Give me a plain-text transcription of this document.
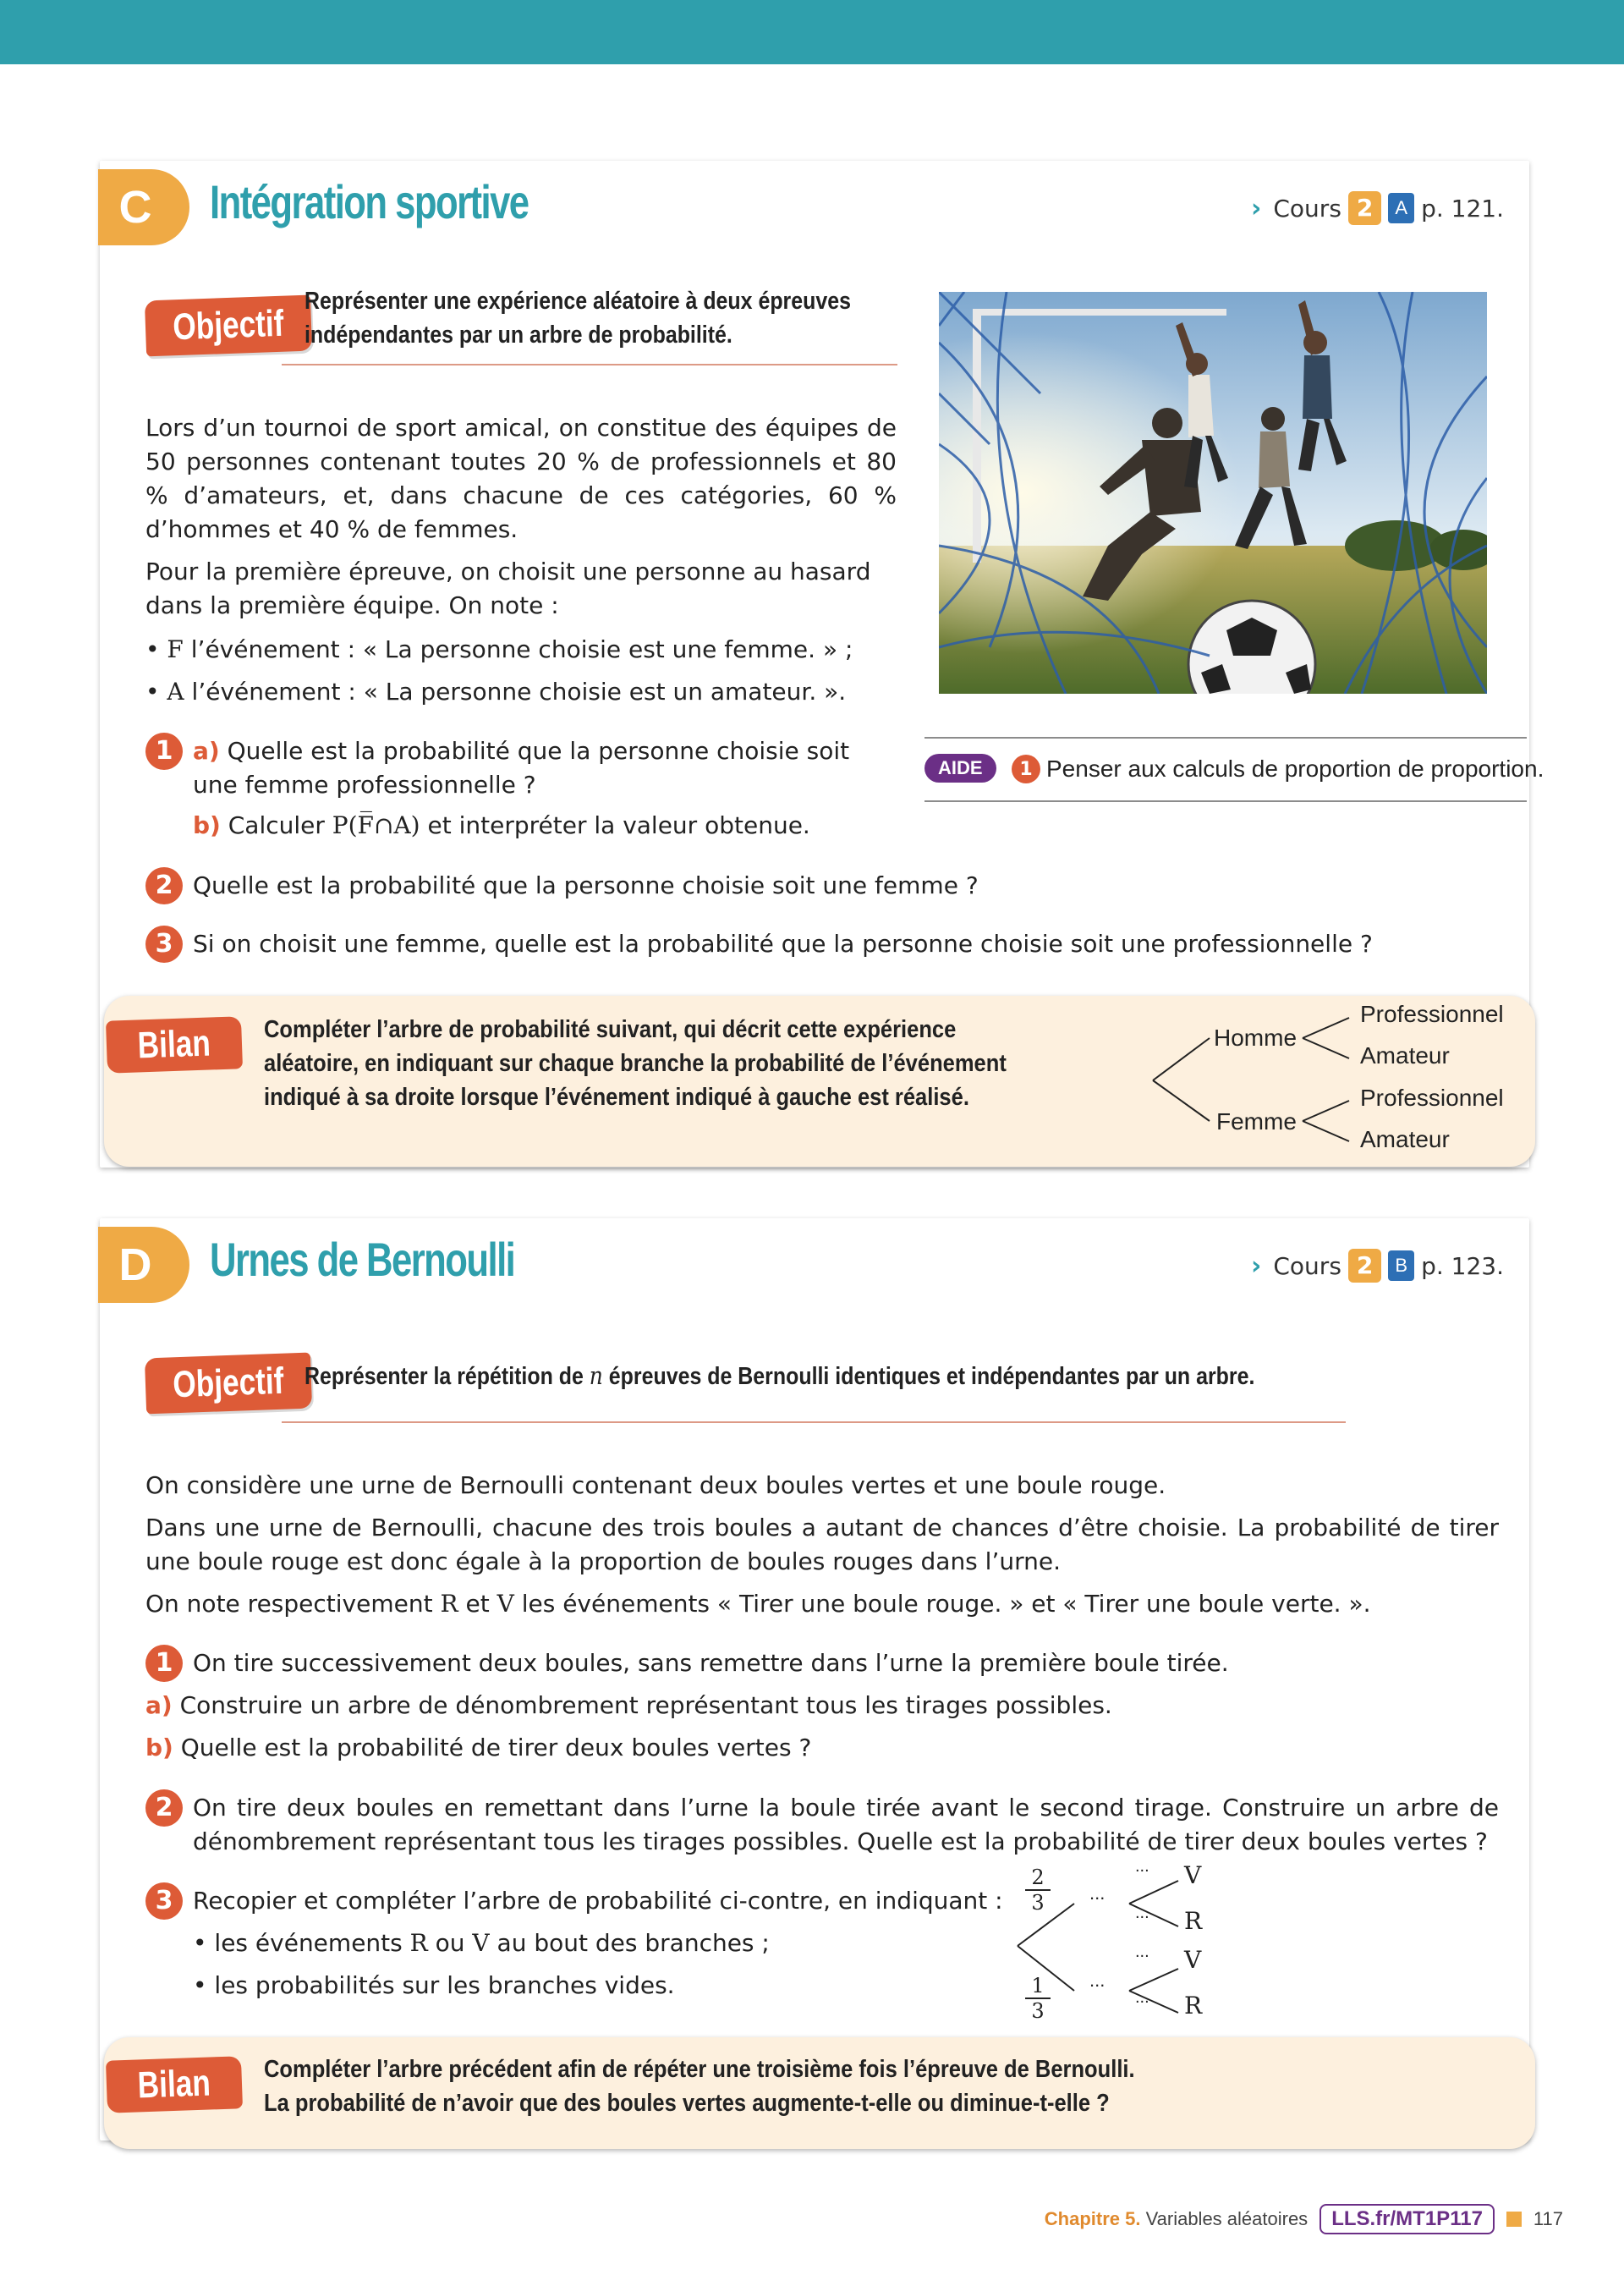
C	Intégration sportive	› Cours 2	A p. 121.
Objectif
Représenter une expérience aléatoire à deux épreuves
indépendantes par un arbre de probabilité.
Lors d’un tournoi de sport amical, on constitue des équipes de 50 personnes contenant toutes 20 % de professionnels et 80 % d’amateurs, et, dans chacune de ces catégories, 60 % d’hommes et 40 % de femmes.
Pour la première épreuve, on choisit une personne au hasard dans la première équipe. On note :
• F l’événement : « La personne choisie est une femme. » ;
• A l’événement : « La personne choisie est un amateur. ».
1 a) Quelle est la probabilité que la personne choisie soit une femme professionnelle ?
b) Calculer P(F̅∩A) et interpréter la valeur obtenue.
AIDE	1 Penser aux calculs de proportion de proportion.
2 Quelle est la probabilité que la personne choisie soit une femme ?
3 Si on choisit une femme, quelle est la probabilité que la personne choisie soit une professionnelle ?
Bilan	Compléter l’arbre de probabilité suivant, qui décrit cette expérience
aléatoire, en indiquant sur chaque branche la probabilité de l’événement
indiqué à sa droite lorsque l’événement indiqué à gauche est réalisé.
Homme
Femme
Professionnel
Amateur
Professionnel
Amateur
D	Urnes de Bernoulli	› Cours 2	B p. 123.
Objectif Représenter la répétition de n épreuves de Bernoulli identiques et indépendantes par un arbre.
On considère une urne de Bernoulli contenant deux boules vertes et une boule rouge.
Dans une urne de Bernoulli, chacune des trois boules a autant de chances d’être choisie. La probabilité de tirer une boule rouge est donc égale à la proportion de boules rouges dans l’urne.
On note respectivement R et V les événements « Tirer une boule rouge. » et « Tirer une boule verte. ».
1 On tire successivement deux boules, sans remettre dans l’urne la première boule tirée.
a) Construire un arbre de dénombrement représentant tous les tirages possibles.
b) Quelle est la probabilité de tirer deux boules vertes ?
2 On tire deux boules en remettant dans l’urne la boule tirée avant le second tirage. Construire un arbre de dénombrement représentant tous les tirages possibles. Quelle est la probabilité de tirer deux boules vertes ?
3 Recopier et compléter l’arbre de probabilité ci-contre, en indiquant :
• les événements R ou V au bout des branches ;
• les probabilités sur les branches vides.
2
3
1
3
...
...
...
...
...
...
V
R
V
R
Bilan	Compléter l’arbre précédent afin de répéter une troisième fois l’épreuve de Bernoulli.
La probabilité de n’avoir que des boules vertes augmente-t-elle ou diminue-t-elle ?
Chapitre 5. Variables aléatoires	LLS.fr/MT1P117	117
